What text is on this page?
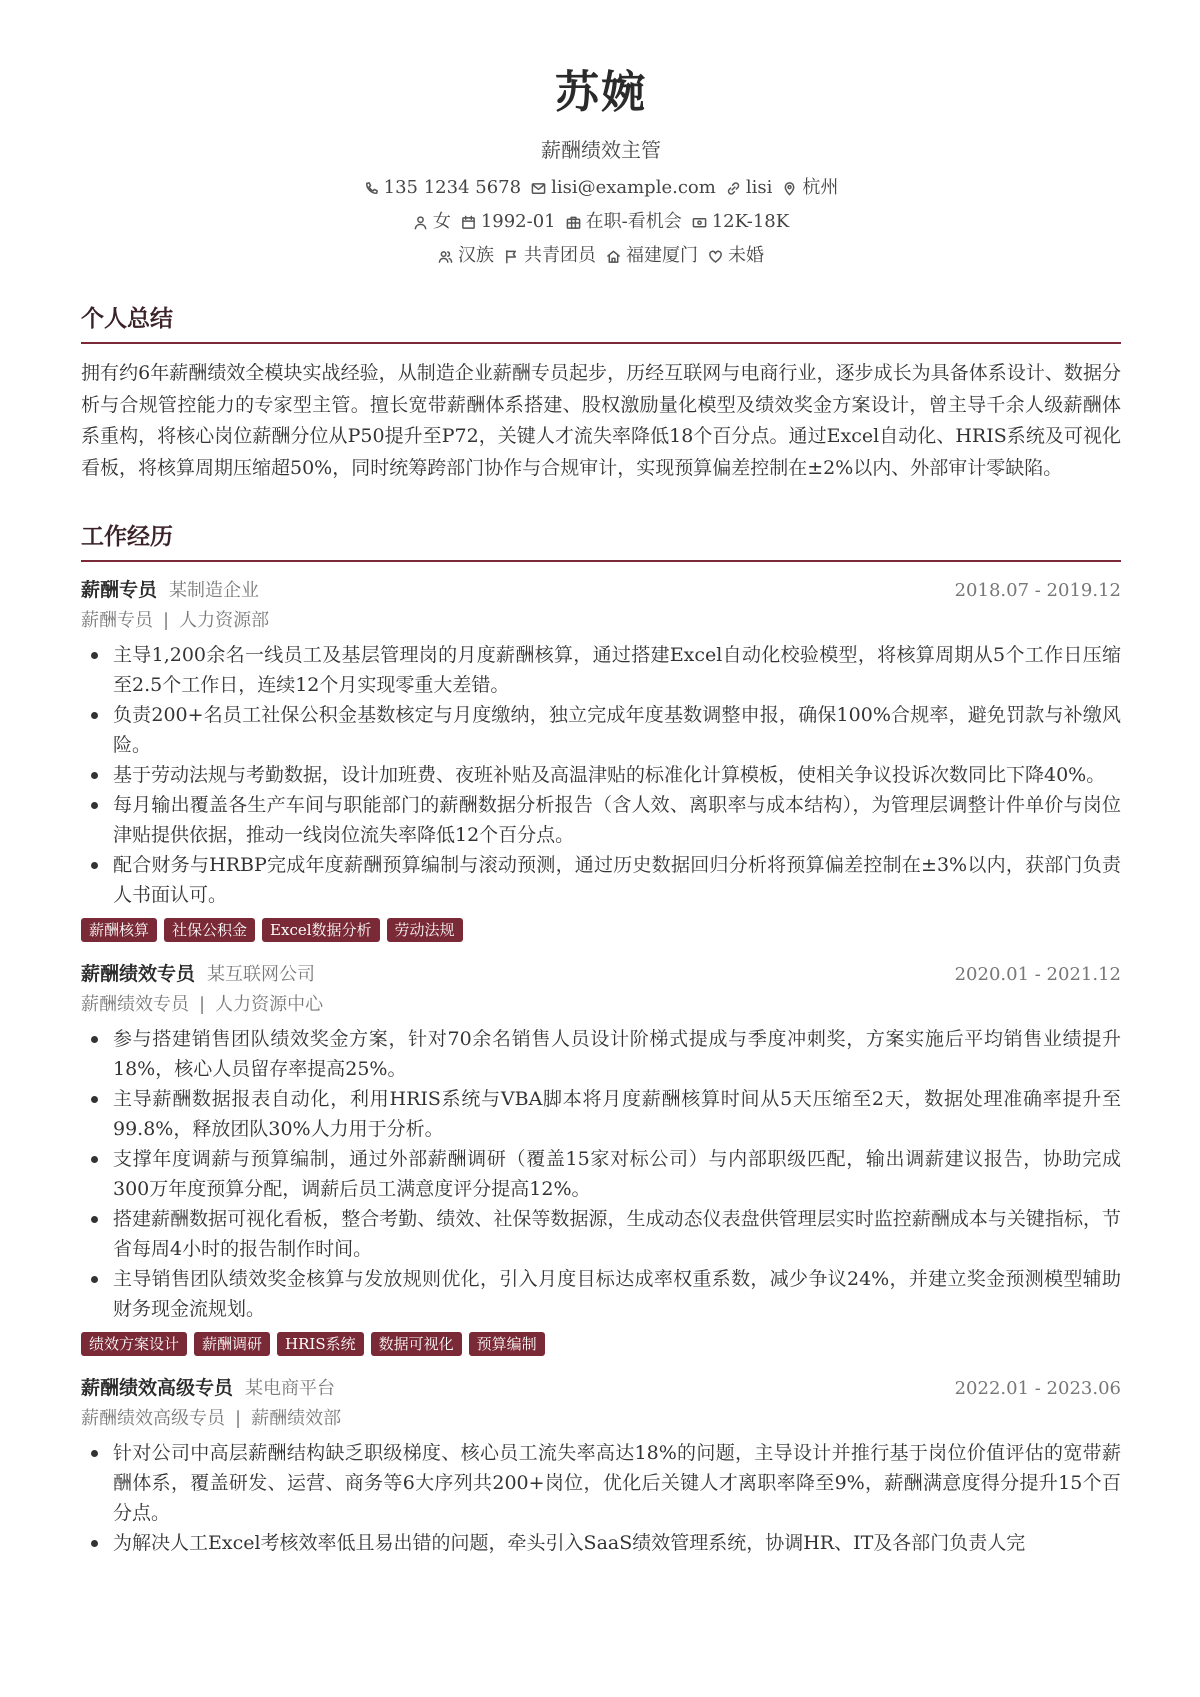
苏婉
薪酬绩效主管
135 1234 5678 lisi@example.com lisi 杭州
女 1992-01 在职-看机会 12K-18K
汉族 共青团员 福建厦门 未婚
个人总结
拥有约6年薪酬绩效全模块实战经验，从制造企业薪酬专员起步，历经互联网与电商行业，逐步成长为具备体系设计、数据分析与合规管控能力的专家型主管。擅长宽带薪酬体系搭建、股权激励量化模型及绩效奖金方案设计，曾主导千余人级薪酬体系重构，将核心岗位薪酬分位从P50提升至P72，关键人才流失率降低18个百分点。通过Excel自动化、HRIS系统及可视化看板，将核算周期压缩超50%，同时统筹跨部门协作与合规审计，实现预算偏差控制在±2%以内、外部审计零缺陷。
工作经历
薪酬专员 某制造企业	2018.07 - 2019.12
薪酬专员 | 人力资源部
主导1,200余名一线员工及基层管理岗的月度薪酬核算，通过搭建Excel自动化校验模型，将核算周期从5个工作日压缩至2.5个工作日，连续12个月实现零重大差错。
负责200+名员工社保公积金基数核定与月度缴纳，独立完成年度基数调整申报，确保100%合规率，避免罚款与补缴风险。
基于劳动法规与考勤数据，设计加班费、夜班补贴及高温津贴的标准化计算模板，使相关争议投诉次数同比下降40%。
每月输出覆盖各生产车间与职能部门的薪酬数据分析报告（含人效、离职率与成本结构），为管理层调整计件单价与岗位津贴提供依据，推动一线岗位流失率降低12个百分点。
配合财务与HRBP完成年度薪酬预算编制与滚动预测，通过历史数据回归分析将预算偏差控制在±3%以内，获部门负责人书面认可。
薪酬核算	社保公积金	Excel数据分析	劳动法规
薪酬绩效专员 某互联网公司	2020.01 - 2021.12
薪酬绩效专员 | 人力资源中心
参与搭建销售团队绩效奖金方案，针对70余名销售人员设计阶梯式提成与季度冲刺奖，方案实施后平均销售业绩提升18%，核心人员留存率提高25%。
主导薪酬数据报表自动化，利用HRIS系统与VBA脚本将月度薪酬核算时间从5天压缩至2天，数据处理准确率提升至99.8%，释放团队30%人力用于分析。
支撑年度调薪与预算编制，通过外部薪酬调研（覆盖15家对标公司）与内部职级匹配，输出调薪建议报告，协助完成300万年度预算分配，调薪后员工满意度评分提高12%。
搭建薪酬数据可视化看板，整合考勤、绩效、社保等数据源，生成动态仪表盘供管理层实时监控薪酬成本与关键指标，节省每周4小时的报告制作时间。
主导销售团队绩效奖金核算与发放规则优化，引入月度目标达成率权重系数，减少争议24%，并建立奖金预测模型辅助财务现金流规划。
绩效方案设计	薪酬调研	HRIS系统	数据可视化	预算编制
薪酬绩效高级专员 某电商平台	2022.01 - 2023.06
薪酬绩效高级专员 | 薪酬绩效部
针对公司中高层薪酬结构缺乏职级梯度、核心员工流失率高达18%的问题，主导设计并推行基于岗位价值评估的宽带薪酬体系，覆盖研发、运营、商务等6大序列共200+岗位，优化后关键人才离职率降至9%，薪酬满意度得分提升15个百分点。
为解决人工Excel考核效率低且易出错的问题，牵头引入SaaS绩效管理系统，协调HR、IT及各部门负责人完
